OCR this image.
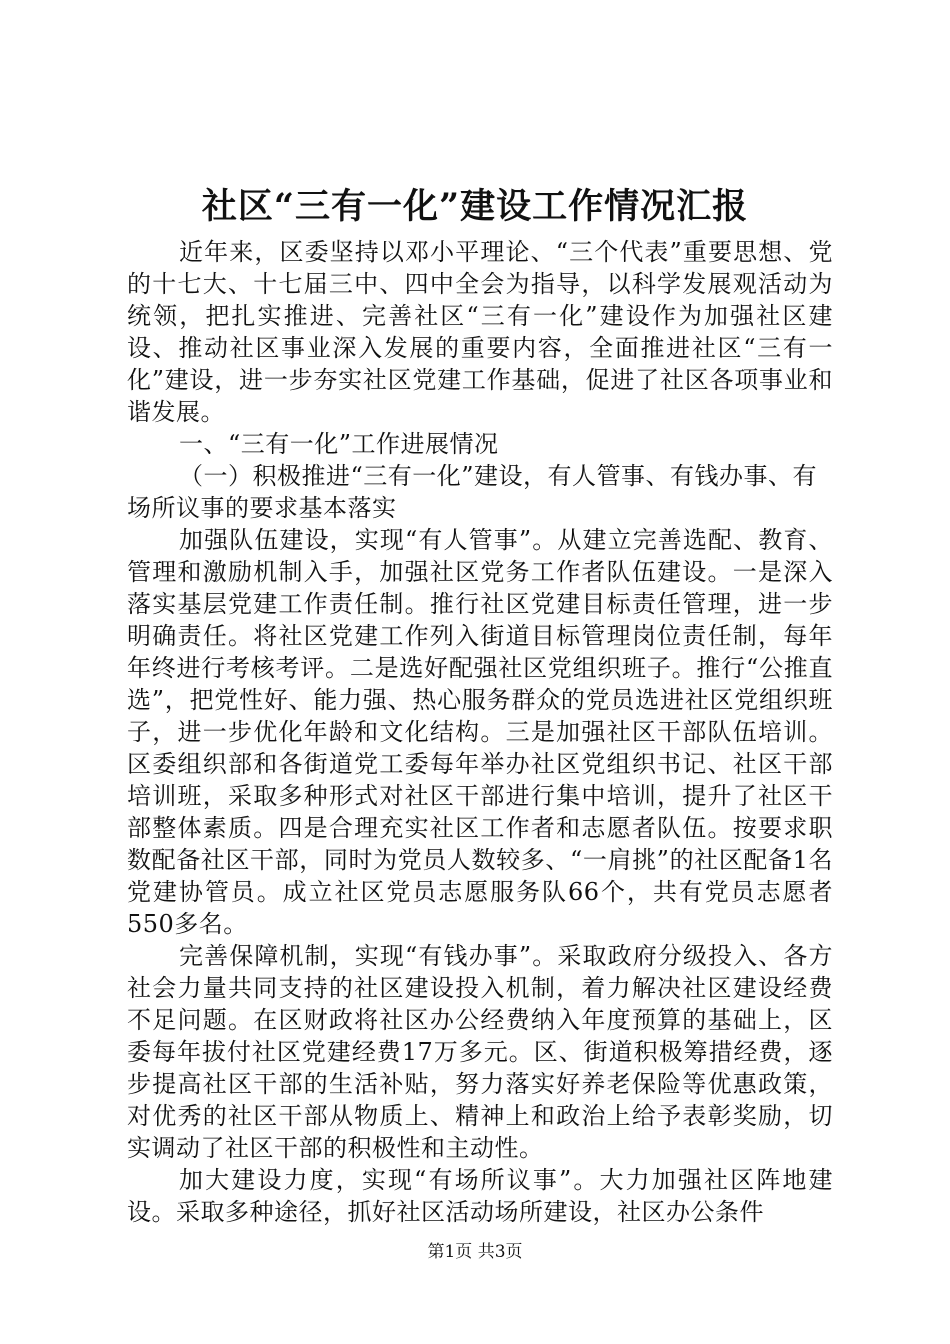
社区“三有一化”建设工作情况汇报

近年来，区委坚持以邓小平理论、“三个代表”重要思想、党的十七大、十七届三中、四中全会为指导，以科学发展观活动为统领，把扎实推进、完善社区“三有一化”建设作为加强社区建设、推动社区事业深入发展的重要内容，全面推进社区“三有一化”建设，进一步夯实社区党建工作基础，促进了社区各项事业和谐发展。

一、“三有一化”工作进展情况

（一）积极推进“三有一化”建设，有人管事、有钱办事、有场所议事的要求基本落实

加强队伍建设，实现“有人管事”。从建立完善选配、教育、管理和激励机制入手，加强社区党务工作者队伍建设。一是深入落实基层党建工作责任制。推行社区党建目标责任管理，进一步明确责任。将社区党建工作列入街道目标管理岗位责任制，每年年终进行考核考评。二是选好配强社区党组织班子。推行“公推直选”，把党性好、能力强、热心服务群众的党员选进社区党组织班子，进一步优化年龄和文化结构。三是加强社区干部队伍培训。区委组织部和各街道党工委每年举办社区党组织书记、社区干部培训班，采取多种形式对社区干部进行集中培训，提升了社区干部整体素质。四是合理充实社区工作者和志愿者队伍。按要求职数配备社区干部，同时为党员人数较多、“一肩挑”的社区配备1名党建协管员。成立社区党员志愿服务队66个，共有党员志愿者550多名。

完善保障机制，实现“有钱办事”。采取政府分级投入、各方社会力量共同支持的社区建设投入机制，着力解决社区建设经费不足问题。在区财政将社区办公经费纳入年度预算的基础上，区委每年拔付社区党建经费17万多元。区、街道积极筹措经费，逐步提高社区干部的生活补贴，努力落实好养老保险等优惠政策，对优秀的社区干部从物质上、精神上和政治上给予表彰奖励，切实调动了社区干部的积极性和主动性。

加大建设力度，实现“有场所议事”。大力加强社区阵地建设。采取多种途径，抓好社区活动场所建设，社区办公条件

第1页 共3页
